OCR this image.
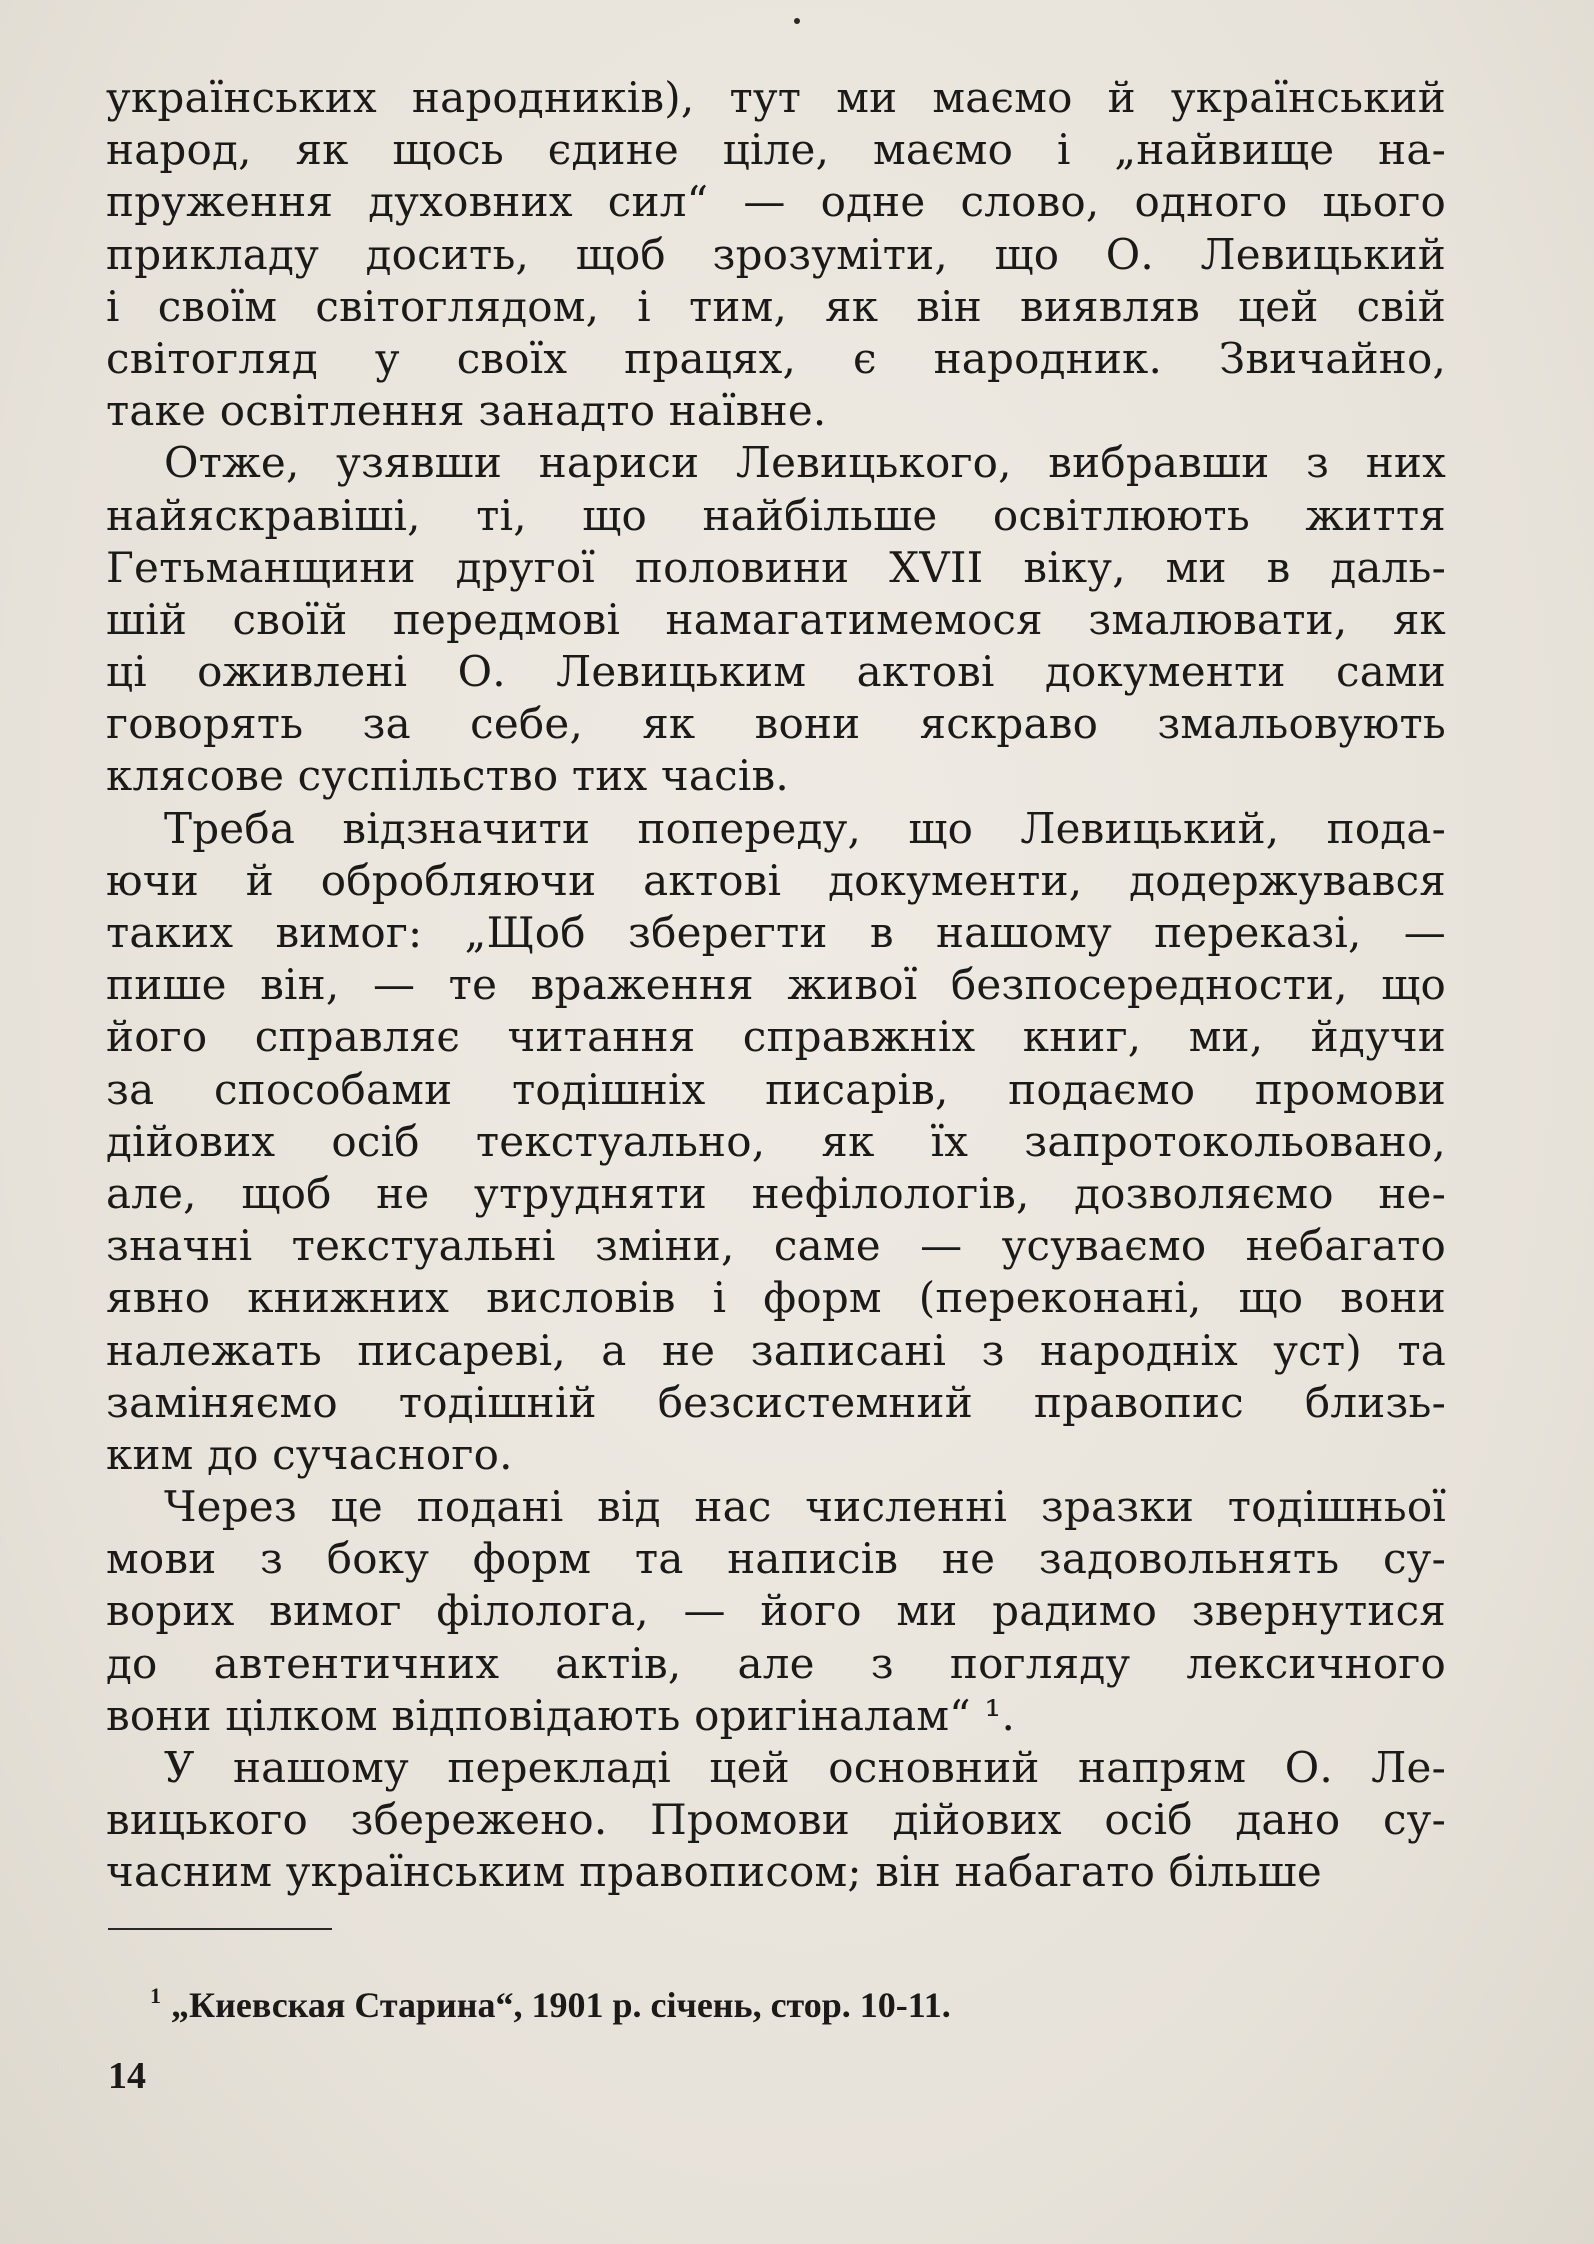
українських народників), тут ми маємо й український
народ, як щось єдине ціле, маємо і „найвище на-
пруження духовних сил“ — одне слово, одного цього
прикладу досить, щоб зрозуміти, що О. Левицький
і своїм світоглядом, і тим, як він виявляв цей свій
світогляд у своїх працях, є народник. Звичайно,
таке освітлення занадто наївне.
Отже, узявши нариси Левицького, вибравши з них
найяскравіші, ті, що найбільше освітлюють життя
Гетьманщини другої половини XVII віку, ми в даль-
шій своїй передмові намагатимемося змалювати, як
ці оживлені О. Левицьким актові документи сами
говорять за себе, як вони яскраво змальовують
клясове суспільство тих часів.
Треба відзначити попереду, що Левицький, пода-
ючи й обробляючи актові документи, додержувався
таких вимог: „Щоб зберегти в нашому переказі, —
пише він, — те враження живої безпосередности, що
його справляє читання справжніх книг, ми, йдучи
за способами тодішніх писарів, подаємо промови
дійових осіб текстуально, як їх запротокольовано,
але, щоб не утрудняти нефілологів, дозволяємо не-
значні текстуальні зміни, саме — усуваємо небагато
явно книжних висловів і форм (переконані, що вони
належать писареві, а не записані з народніх уст) та
заміняємо тодішній безсистемний правопис близь-
ким до сучасного.
Через це подані від нас численні зразки тодішньої
мови з боку форм та написів не задовольнять су-
ворих вимог філолога, — його ми радимо звернутися
до автентичних актів, але з погляду лексичного
вони цілком відповідають оригіналам“ ¹.
У нашому перекладі цей основний напрям О. Ле-
вицького збережено. Промови дійових осіб дано су-
часним українським правописом; він набагато більше
$^1$ „Киевская Старина“, 1901 р. січень, стор. 10-11.
14
